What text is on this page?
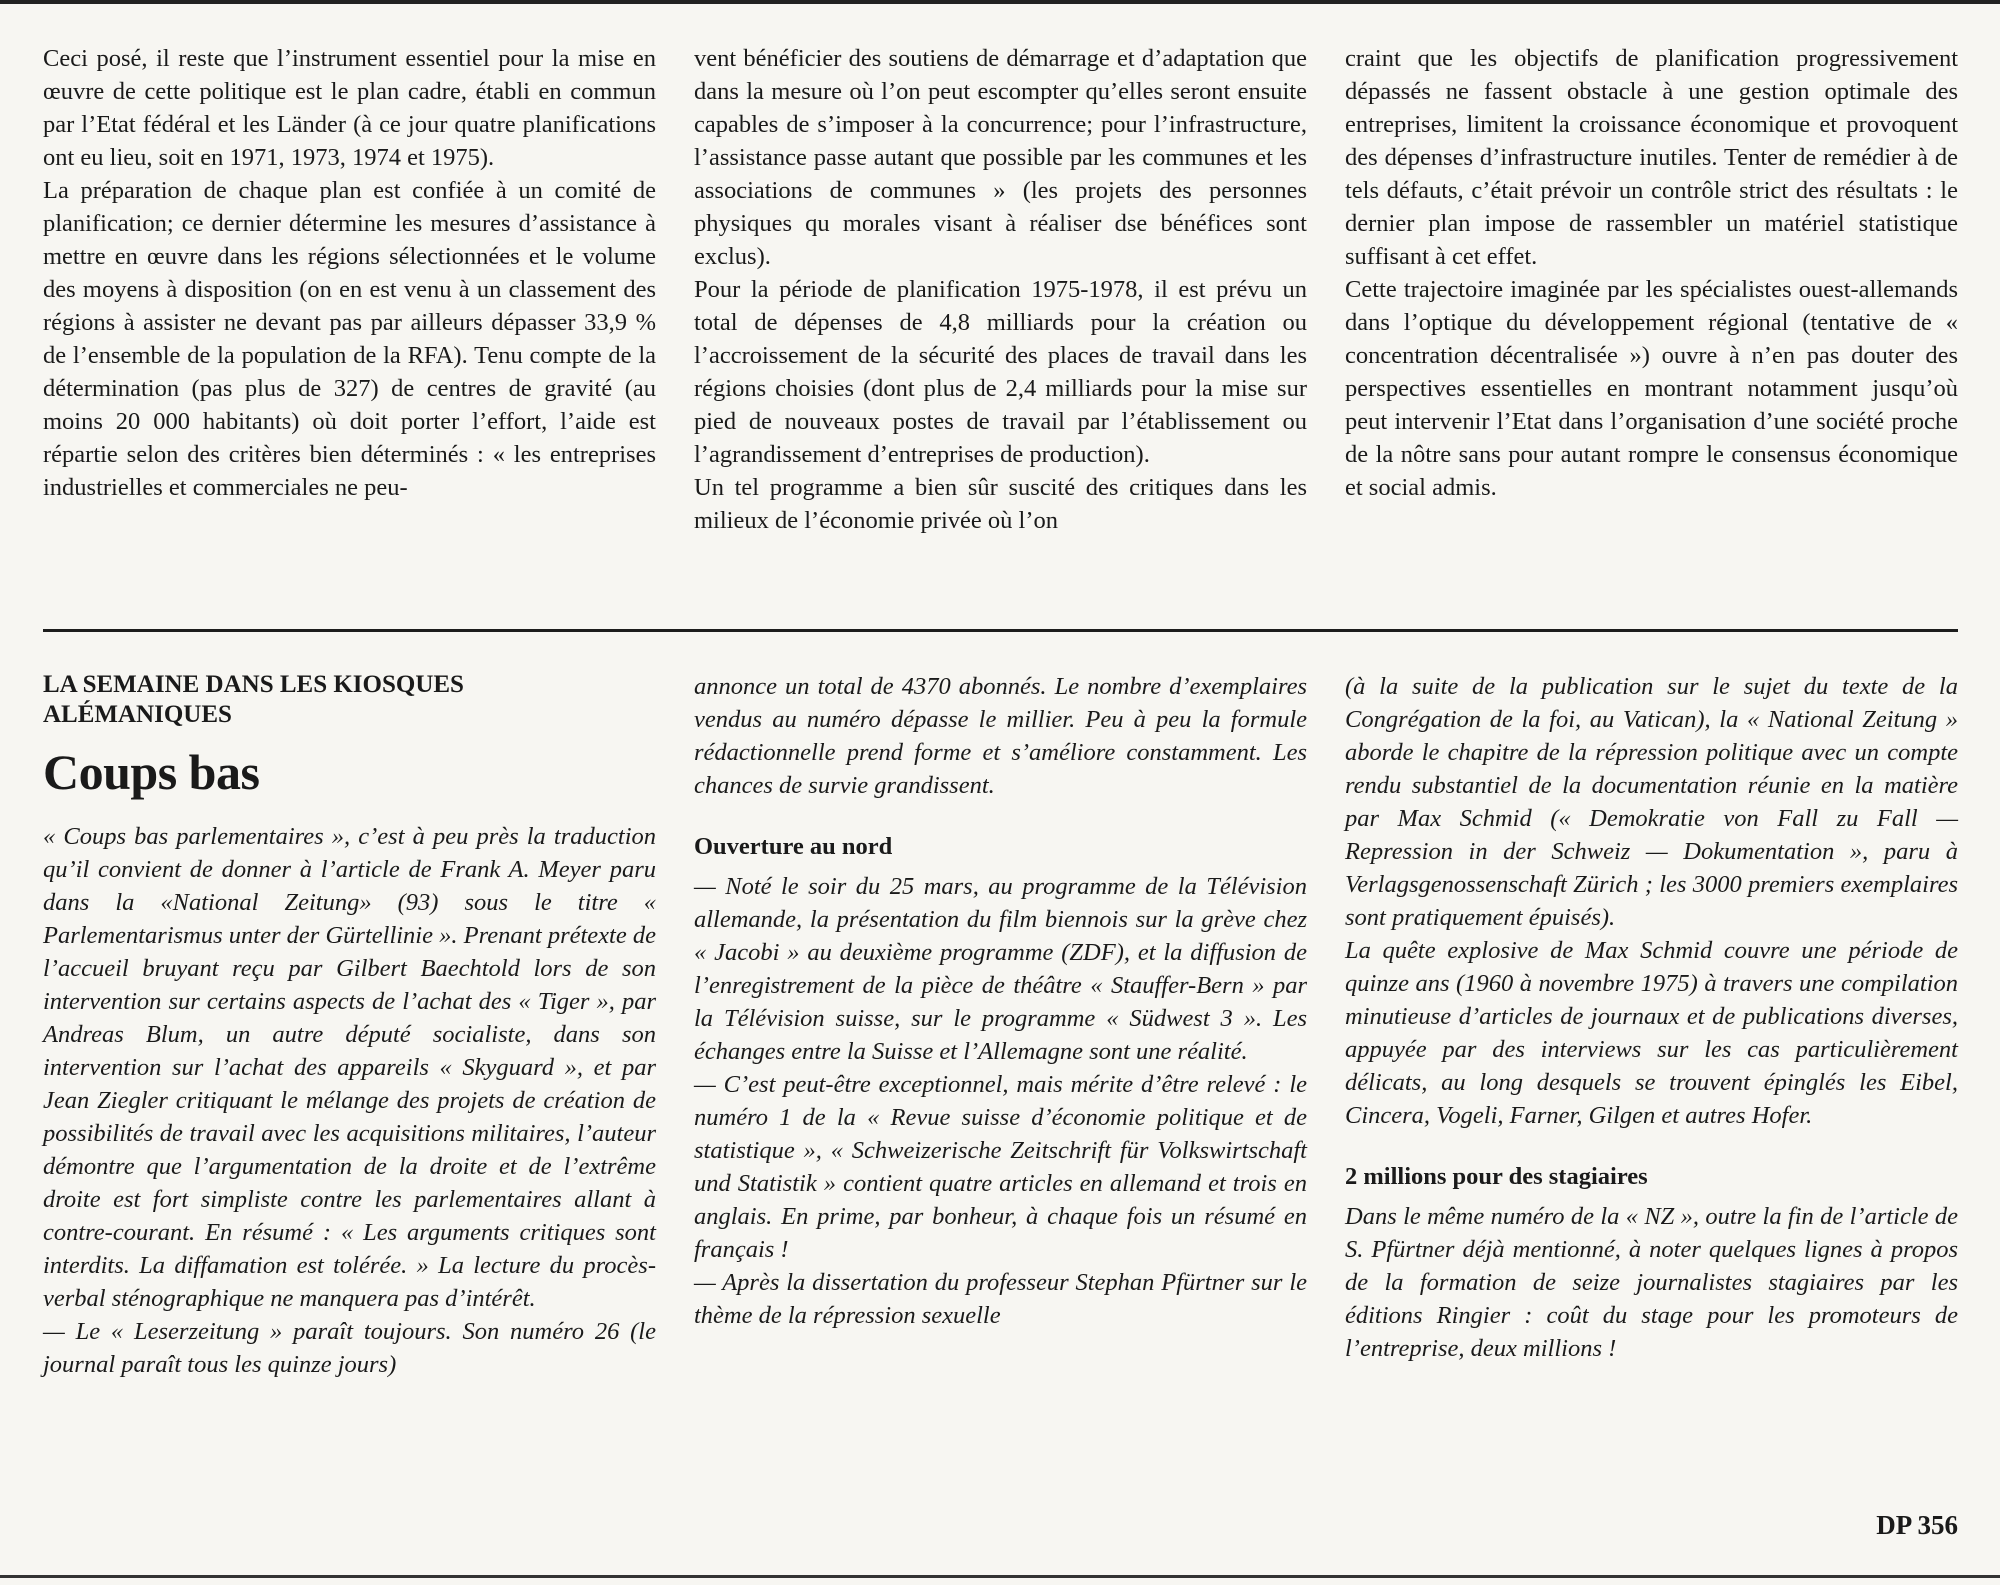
Ceci posé, il reste que l’instrument essentiel pour la mise en œuvre de cette politique est le plan cadre, établi en commun par l’Etat fédéral et les Länder (à ce jour quatre planifications ont eu lieu, soit en 1971, 1973, 1974 et 1975).

La préparation de chaque plan est confiée à un comité de planification; ce dernier détermine les mesures d’assistance à mettre en œuvre dans les régions sélectionnées et le volume des moyens à disposition (on en est venu à un classement des régions à assister ne devant pas par ailleurs dépasser 33,9 % de l’ensemble de la population de la RFA). Tenu compte de la détermination (pas plus de 327) de centres de gravité (au moins 20 000 habitants) où doit porter l’effort, l’aide est répartie selon des critères bien déterminés : « les entreprises industrielles et commerciales ne peu-

vent bénéficier des soutiens de démarrage et d’adaptation que dans la mesure où l’on peut escompter qu’elles seront ensuite capables de s’imposer à la concurrence; pour l’infrastructure, l’assistance passe autant que possible par les communes et les associations de communes » (les projets des personnes physiques qu morales visant à réaliser dse bénéfices sont exclus).

Pour la période de planification 1975-1978, il est prévu un total de dépenses de 4,8 milliards pour la création ou l’accroissement de la sécurité des places de travail dans les régions choisies (dont plus de 2,4 milliards pour la mise sur pied de nouveaux postes de travail par l’établissement ou l’agrandissement d’entreprises de production).

Un tel programme a bien sûr suscité des critiques dans les milieux de l’économie privée où l’on

craint que les objectifs de planification progressivement dépassés ne fassent obstacle à une gestion optimale des entreprises, limitent la croissance économique et provoquent des dépenses d’infrastructure inutiles. Tenter de remédier à de tels défauts, c’était prévoir un contrôle strict des résultats : le dernier plan impose de rassembler un matériel statistique suffisant à cet effet.

Cette trajectoire imaginée par les spécialistes ouest-allemands dans l’optique du développement régional (tentative de « concentration décentralisée ») ouvre à n’en pas douter des perspectives essentielles en montrant notamment jusqu’où peut intervenir l’Etat dans l’organisation d’une société proche de la nôtre sans pour autant rompre le consensus économique et social admis.

LA SEMAINE DANS LES KIOSQUES ALÉMANIQUES
Coups bas

« Coups bas parlementaires », c’est à peu près la traduction qu’il convient de donner à l’article de Frank A. Meyer paru dans la «National Zeitung» (93) sous le titre « Parlementarismus unter der Gürtellinie ». Prenant prétexte de l’accueil bruyant reçu par Gilbert Baechtold lors de son intervention sur certains aspects de l’achat des « Tiger », par Andreas Blum, un autre député socialiste, dans son intervention sur l’achat des appareils « Skyguard », et par Jean Ziegler critiquant le mélange des projets de création de possibilités de travail avec les acquisitions militaires, l’auteur démontre que l’argumentation de la droite et de l’extrême droite est fort simpliste contre les parlementaires allant à contre-courant. En résumé : « Les arguments critiques sont interdits. La diffamation est tolérée. » La lecture du procès-verbal sténographique ne manquera pas d’intérêt.

— Le « Leserzeitung » paraît toujours. Son numéro 26 (le journal paraît tous les quinze jours)

annonce un total de 4370 abonnés. Le nombre d’exemplaires vendus au numéro dépasse le millier. Peu à peu la formule rédactionnelle prend forme et s’améliore constamment. Les chances de survie grandissent.

Ouverture au nord

— Noté le soir du 25 mars, au programme de la Télévision allemande, la présentation du film biennois sur la grève chez « Jacobi » au deuxième programme (ZDF), et la diffusion de l’enregistrement de la pièce de théâtre « Stauffer-Bern » par la Télévision suisse, sur le programme « Südwest 3 ». Les échanges entre la Suisse et l’Allemagne sont une réalité.

— C’est peut-être exceptionnel, mais mérite d’être relevé : le numéro 1 de la « Revue suisse d’économie politique et de statistique », « Schweizerische Zeitschrift für Volkswirtschaft und Statistik » contient quatre articles en allemand et trois en anglais. En prime, par bonheur, à chaque fois un résumé en français !

— Après la dissertation du professeur Stephan Pfürtner sur le thème de la répression sexuelle

(à la suite de la publication sur le sujet du texte de la Congrégation de la foi, au Vatican), la « National Zeitung » aborde le chapitre de la répression politique avec un compte rendu substantiel de la documentation réunie en la matière par Max Schmid (« Demokratie von Fall zu Fall — Repression in der Schweiz — Dokumentation », paru à Verlagsgenossenschaft Zürich ; les 3000 premiers exemplaires sont pratiquement épuisés).

La quête explosive de Max Schmid couvre une période de quinze ans (1960 à novembre 1975) à travers une compilation minutieuse d’articles de journaux et de publications diverses, appuyée par des interviews sur les cas particulièrement délicats, au long desquels se trouvent épinglés les Eibel, Cincera, Vogeli, Farner, Gilgen et autres Hofer.

2 millions pour des stagiaires

Dans le même numéro de la « NZ », outre la fin de l’article de S. Pfürtner déjà mentionné, à noter quelques lignes à propos de la formation de seize journalistes stagiaires par les éditions Ringier : coût du stage pour les promoteurs de l’entreprise, deux millions !

DP 356
